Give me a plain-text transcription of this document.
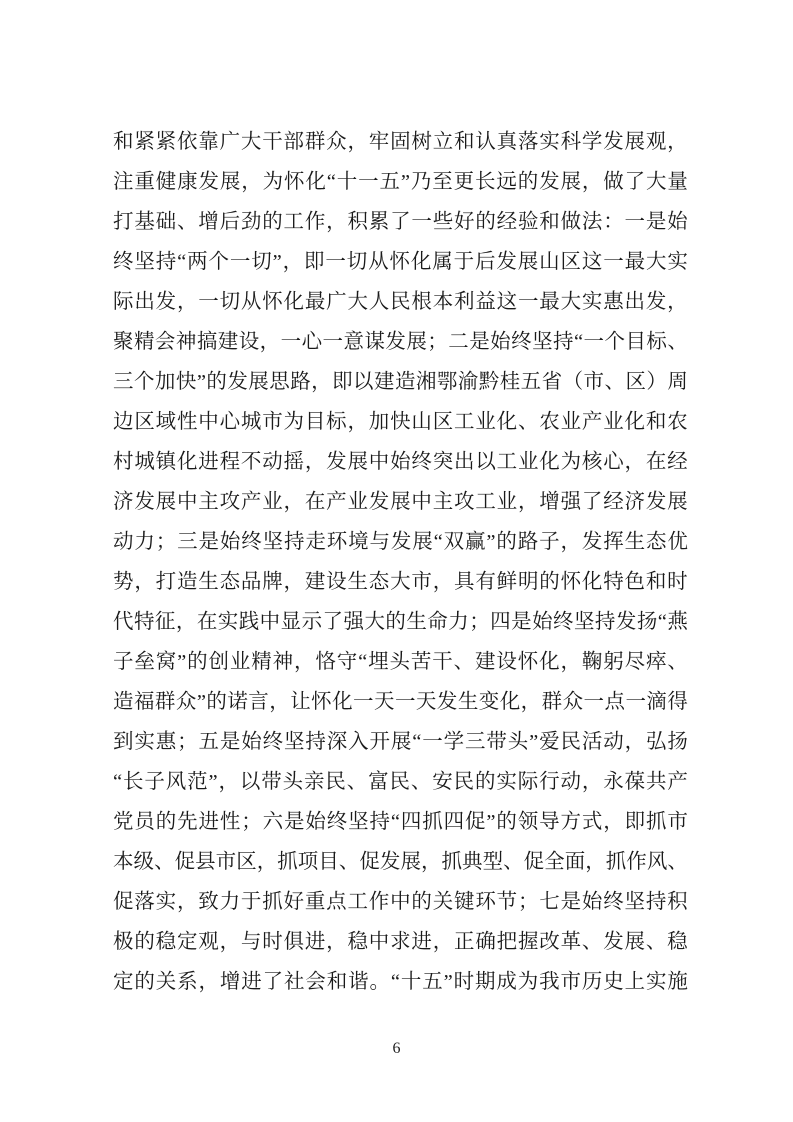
和 紧 紧 依 靠 广 大 干 部 群 众 ， 牢 固 树 立 和 认 真 落 实 科 学 发 展 观 ，
注 重 健 康 发 展 ， 为 怀 化 “ 十 一 五 ” 乃 至 更 长 远 的 发 展 ， 做 了 大 量
打 基 础 、 增 后 劲 的 工 作 ， 积 累 了 一 些 好 的 经 验 和 做 法 ： 一 是 始
终 坚 持 “ 两 个 一 切 ” ， 即 一 切 从 怀 化 属 于 后 发 展 山 区 这 一 最 大 实
际 出 发 ， 一 切 从 怀 化 最 广 大 人 民 根 本 利 益 这 一 最 大 实 惠 出 发 ，
聚 精 会 神 搞 建 设 ， 一 心 一 意 谋 发 展 ； 二 是 始 终 坚 持 “ 一 个 目 标 、
三 个 加 快 ” 的 发 展 思 路 ， 即 以 建 造 湘 鄂 渝 黔 桂 五 省 （ 市 、 区 ） 周
边 区 域 性 中 心 城 市 为 目 标 ， 加 快 山 区 工 业 化 、 农 业 产 业 化 和 农
村 城 镇 化 进 程 不 动 摇 ， 发 展 中 始 终 突 出 以 工 业 化 为 核 心 ， 在 经
济 发 展 中 主 攻 产 业 ， 在 产 业 发 展 中 主 攻 工 业 ， 增 强 了 经 济 发 展
动 力 ； 三 是 始 终 坚 持 走 环 境 与 发 展 “ 双 赢 ” 的 路 子 ， 发 挥 生 态 优
势 ， 打 造 生 态 品 牌 ， 建 设 生 态 大 市 ， 具 有 鲜 明 的 怀 化 特 色 和 时
代 特 征 ， 在 实 践 中 显 示 了 强 大 的 生 命 力 ； 四 是 始 终 坚 持 发 扬 “ 燕
子 垒 窝 ” 的 创 业 精 神 ， 恪 守 “ 埋 头 苦 干 、 建 设 怀 化 ， 鞠 躬 尽 瘁 、
造 福 群 众 ” 的 诺 言 ， 让 怀 化 一 天 一 天 发 生 变 化 ， 群 众 一 点 一 滴 得
到 实 惠 ； 五 是 始 终 坚 持 深 入 开 展 “ 一 学 三 带 头 ” 爱 民 活 动 ， 弘 扬
“ 长 子 风 范 ” ， 以 带 头 亲 民 、 富 民 、 安 民 的 实 际 行 动 ， 永 葆 共 产
党 员 的 先 进 性 ； 六 是 始 终 坚 持 “ 四 抓 四 促 ” 的 领 导 方 式 ， 即 抓 市
本 级 、 促 县 市 区 ， 抓 项 目 、 促 发 展 ， 抓 典 型 、 促 全 面 ， 抓 作 风 、
促 落 实 ， 致 力 于 抓 好 重 点 工 作 中 的 关 键 环 节 ； 七 是 始 终 坚 持 积
极 的 稳 定 观 ， 与 时 俱 进 ， 稳 中 求 进 ， 正 确 把 握 改 革 、 发 展 、 稳
定 的 关 系 ， 增 进 了 社 会 和 谐 。 “ 十 五 ” 时 期 成 为 我 市 历 史 上 实 施
6
